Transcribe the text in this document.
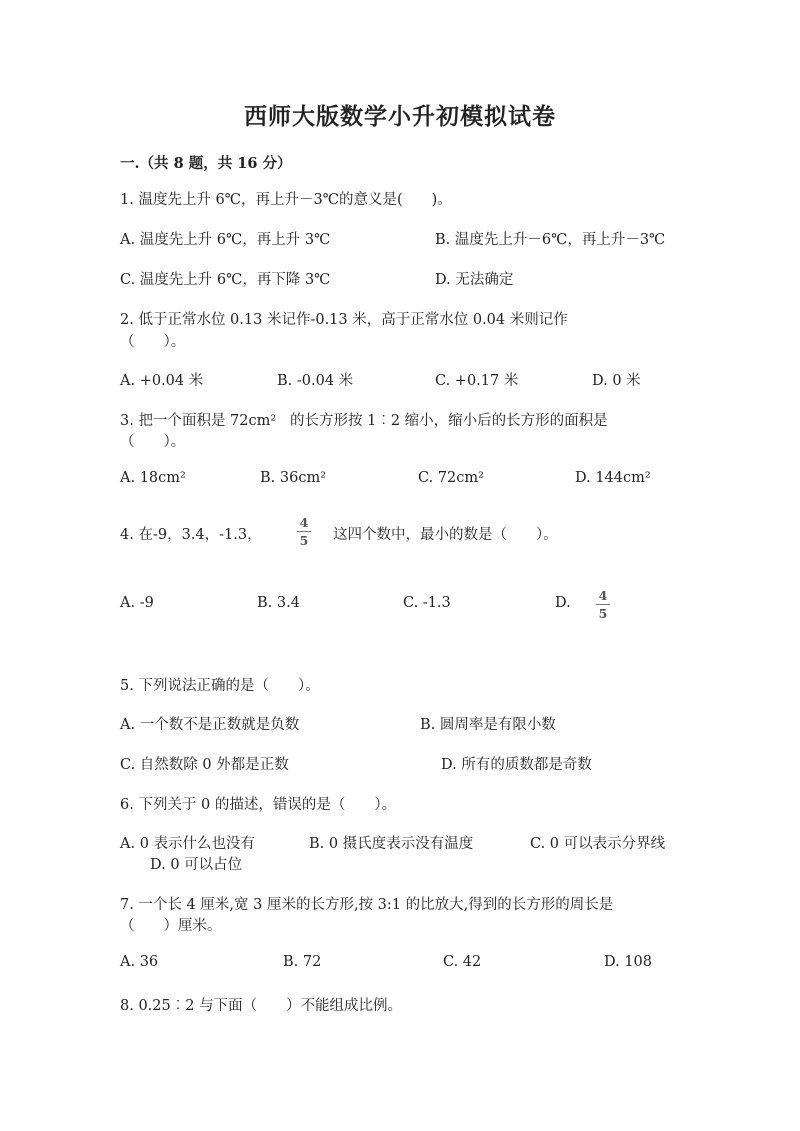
西师大版数学小升初模拟试卷
一.（共 8 题，共 16 分）
1. 温度先上升 6℃，再上升－3℃的意义是(　　)。
A. 温度先上升 6℃，再上升 3℃	B. 温度先上升－6℃，再上升－3℃
C. 温度先上升 6℃，再下降 3℃	D. 无法确定
2. 低于正常水位 0.13 米记作-0.13 米，高于正常水位 0.04 米则记作
（　　）。
A. +0.04 米	B. -0.04 米	C. +0.17 米	D. 0 米
3. 把一个面积是 72cm² 的长方形按 1︰2 缩小，缩小后的长方形的面积是
（　　）。
A. 18cm²	B. 36cm²	C. 72cm²	D. 144cm²
4. 在-9，3.4，-1.3，
4
5 这四个数中，最小的数是（　　）。
A. -9	B. 3.4	C. -1.3	D. 4
5
5. 下列说法正确的是（　　）。
A. 一个数不是正数就是负数	B. 圆周率是有限小数
C. 自然数除 0 外都是正数	D. 所有的质数都是奇数
6. 下列关于 0 的描述，错误的是（　　）。
A. 0 表示什么也没有	B. 0 摄氏度表示没有温度	C. 0 可以表示分界线
D. 0 可以占位
7. 一个长 4 厘米,宽 3 厘米的长方形,按 3:1 的比放大,得到的长方形的周长是
（　　）厘米。
A. 36	B. 72	C. 42	D. 108
8. 0.25︰2 与下面（　　）不能组成比例。
